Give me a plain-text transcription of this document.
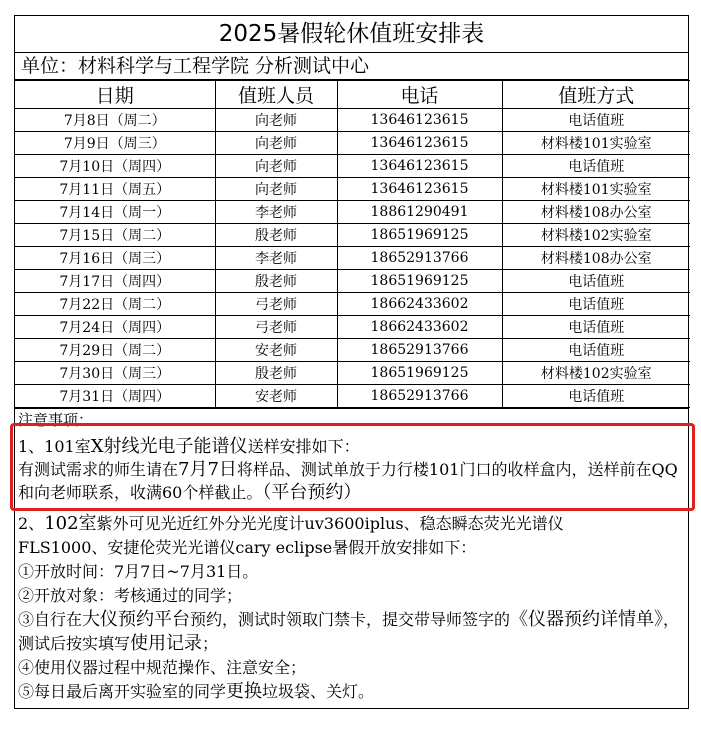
2025暑假轮休值班安排表
单位：材料科学与工程学院 分析测试中心
日期	值班人员	电话	值班方式
7月8日（周二）	向老师	13646123615	电话值班
7月9日（周三）	向老师	13646123615	材料楼101实验室
7月10日（周四）	向老师	13646123615	电话值班
7月11日（周五）	向老师	13646123615	材料楼101实验室
7月14日（周一）	李老师	18861290491	材料楼108办公室
7月15日（周二）	殷老师	18651969125	材料楼102实验室
7月16日（周三）	李老师	18652913766	材料楼108办公室
7月17日（周四）	殷老师	18651969125	电话值班
7月22日（周二）	弓老师	18662433602	电话值班
7月24日（周四）	弓老师	18662433602	电话值班
7月29日（周二）	安老师	18652913766	电话值班
7月30日（周三）	殷老师	18651969125	材料楼102实验室
7月31日（周四）	安老师	18652913766	电话值班
注意事项：
1、101室X射线光电子能谱仪送样安排如下：
有测试需求的师生请在7月7日将样品、测试单放于力行楼101门口的收样盒内，送样前在QQ和向老师联系，收满60个样截止。（平台预约）
2、102室紫外可见光近红外分光光度计uv3600iplus、稳态瞬态荧光光谱仪
FLS1000、安捷伦荧光光谱仪cary eclipse暑假开放安排如下：
①开放时间：7月7日~7月31日。
②开放对象：考核通过的同学；
③自行在大仪预约平台预约，测试时领取门禁卡，提交带导师签字的《仪器预约详情单》，测试后按实填写使用记录；
④使用仪器过程中规范操作、注意安全；
⑤每日最后离开实验室的同学更换垃圾袋、关灯。
